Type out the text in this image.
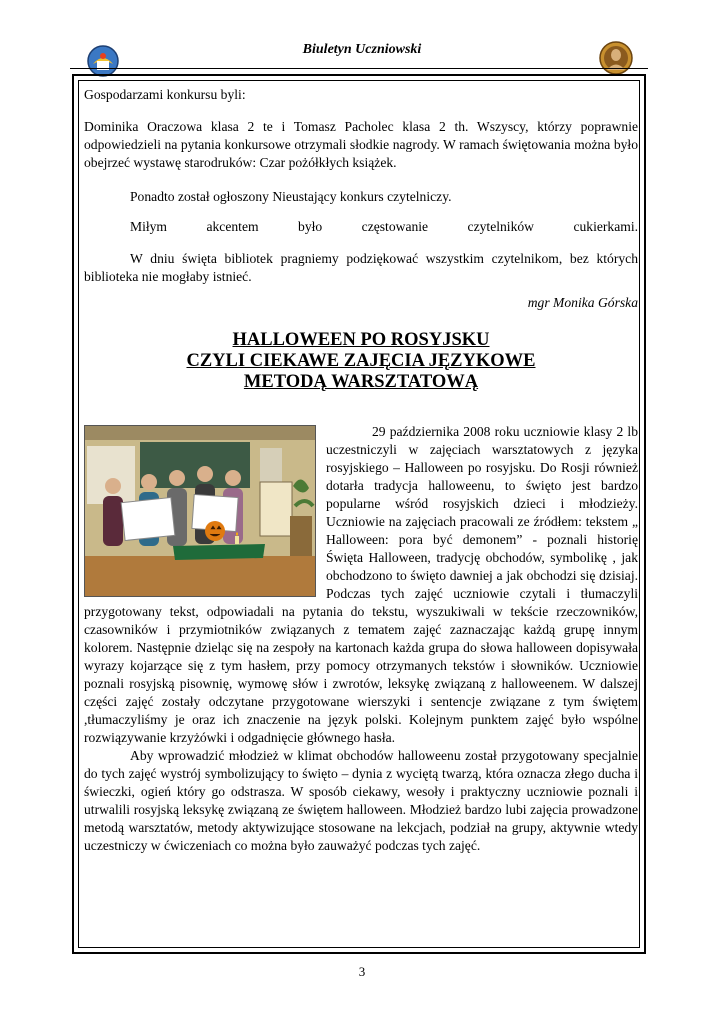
Biuletyn Uczniowski

Gospodarzami konkursu byli:

Dominika Oraczowa klasa 2 te i Tomasz Pacholec klasa 2 th. Wszyscy, którzy poprawnie odpowiedzieli na pytania konkursowe otrzymali słodkie nagrody. W ramach świętowania można było obejrzeć wystawę starodruków: Czar pożółkłych książek.

Ponadto został ogłoszony Nieustający konkurs czytelniczy.

Miłym akcentem było częstowanie czytelników cukierkami.

W dniu święta bibliotek pragniemy podziękować wszystkim czytelnikom, bez których biblioteka nie mogłaby istnieć.

mgr Monika Górska

HALLOWEEN PO ROSYJSKU
CZYLI CIEKAWE ZAJĘCIA JĘZYKOWE
METODĄ WARSZTATOWĄ

29 października 2008 roku uczniowie klasy 2 lb uczestniczyli w zajęciach warsztatowych z języka rosyjskiego – Halloween po rosyjsku. Do Rosji również dotarła tradycja halloweenu, to święto jest bardzo popularne wśród rosyjskich dzieci i młodzieży. Uczniowie na zajęciach pracowali ze źródłem: tekstem „ Halloween: pora być demonem” - poznali historię Święta Halloween, tradycję obchodów, symbolikę , jak obchodzono to święto dawniej a jak obchodzi się dzisiaj. Podczas tych zajęć uczniowie czytali i tłumaczyli przygotowany tekst, odpowiadali na pytania do tekstu, wyszukiwali w tekście rzeczowników, czasowników i przymiotników związanych z tematem zajęć zaznaczając każdą grupę innym kolorem. Następnie dzieląc się na zespoły na kartonach każda grupa do słowa halloween dopisywała wyrazy kojarzące się z tym hasłem, przy pomocy otrzymanych tekstów i słowników. Uczniowie poznali rosyjską pisownię, wymowę słów i zwrotów, leksykę związaną z halloweenem. W dalszej części zajęć zostały odczytane przygotowane wierszyki i sentencje związane z tym świętem ,tłumaczyliśmy je oraz ich znaczenie na język polski. Kolejnym punktem zajęć było wspólne rozwiązywanie krzyżówki i odgadnięcie głównego hasła.

Aby wprowadzić młodzież w klimat obchodów halloweenu został przygotowany specjalnie do tych zajęć wystrój symbolizujący to święto – dynia z wyciętą twarzą, która oznacza złego ducha i świeczki, ogień który go odstrasza. W sposób ciekawy, wesoły i praktyczny uczniowie poznali i utrwalili rosyjską leksykę związaną ze świętem halloween. Młodzież bardzo lubi zajęcia prowadzone metodą warsztatów, metody aktywizujące stosowane na lekcjach, podział na grupy, aktywnie wtedy uczestniczy w ćwiczeniach co można było zauważyć podczas tych zajęć.

3
